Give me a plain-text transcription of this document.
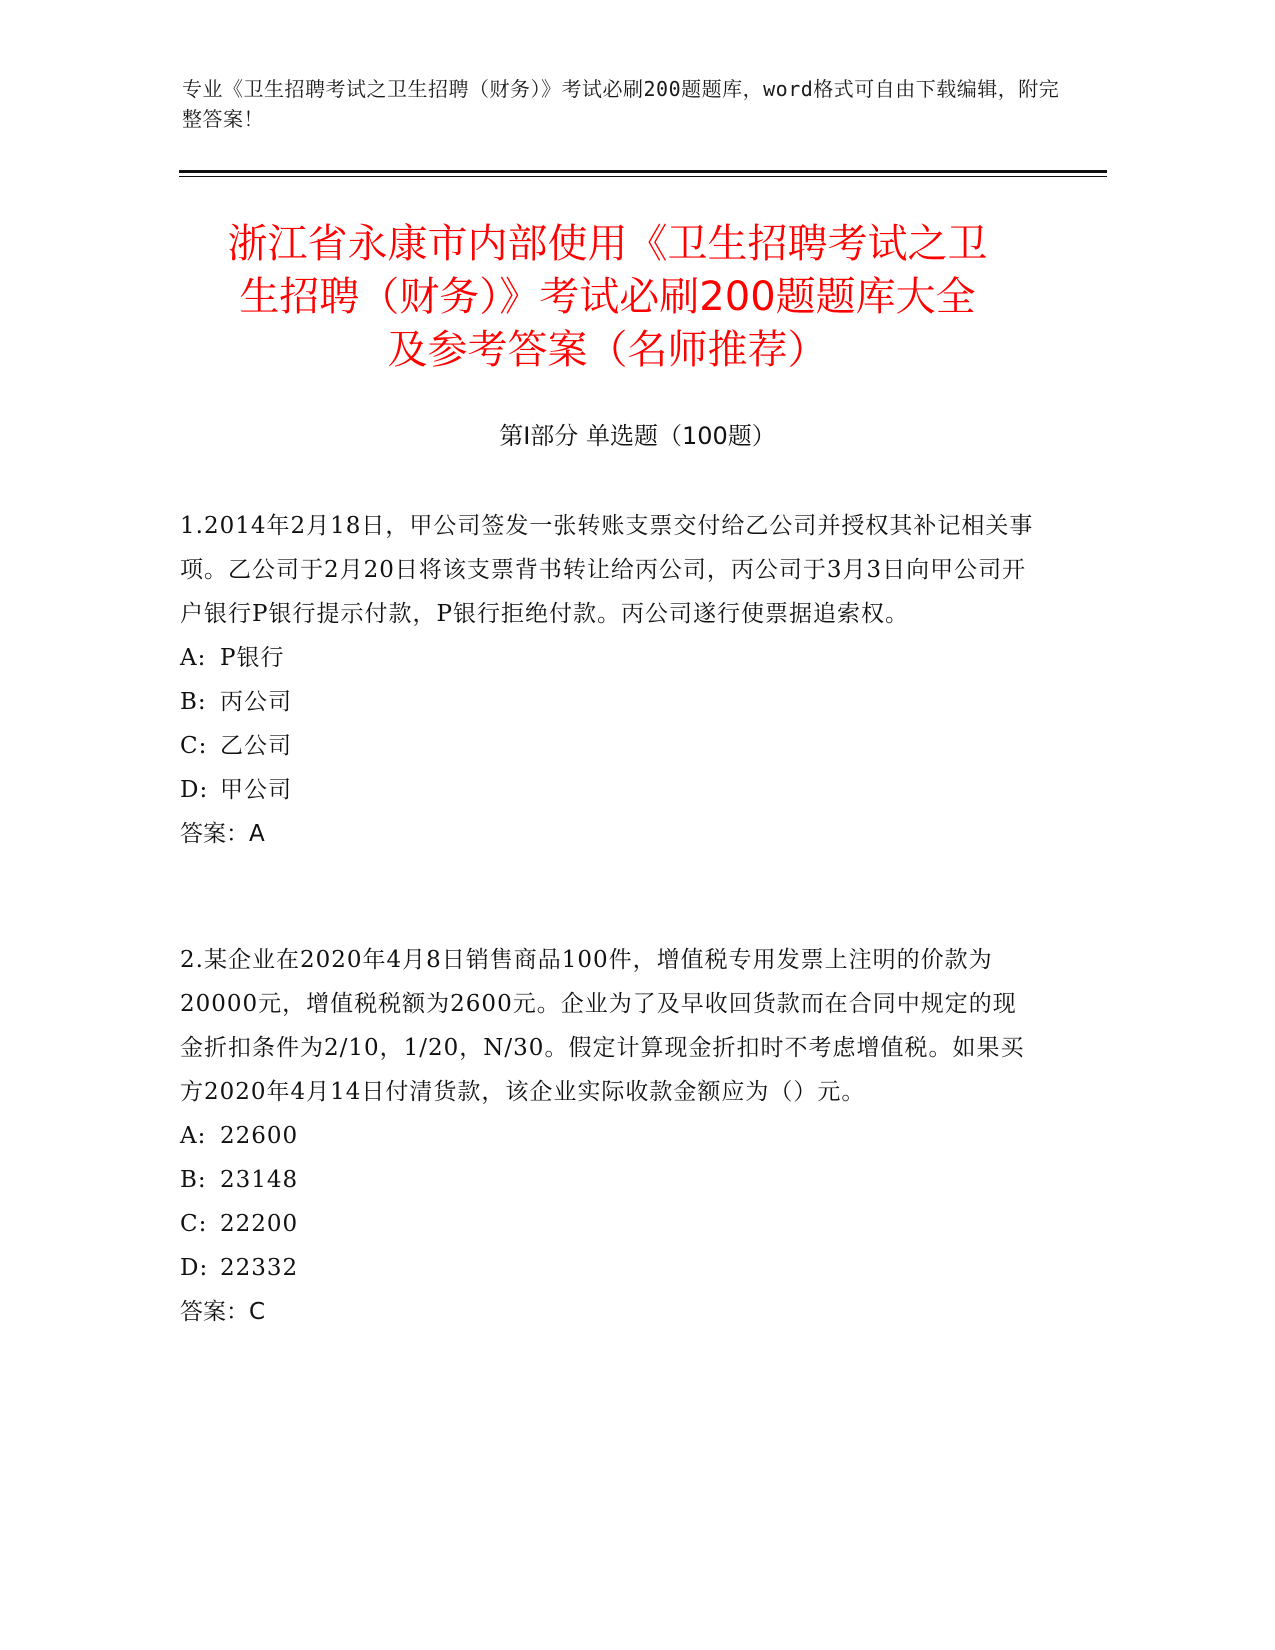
专业《卫生招聘考试之卫生招聘（财务）》考试必刷200题题库，word格式可自由下载编辑，附完整答案！
浙江省永康市内部使用《卫生招聘考试之卫
生招聘（财务）》考试必刷200题题库大全
及参考答案（名师推荐）
第I部分 单选题（100题）

1.2014年2月18日，甲公司签发一张转账支票交付给乙公司并授权其补记相关事项。乙公司于2月20日将该支票背书转让给丙公司，丙公司于3月3日向甲公司开户银行P银行提示付款，P银行拒绝付款。丙公司遂行使票据追索权。

A: P银行

B: 丙公司

C: 乙公司

D: 甲公司

答案：A

2.某企业在2020年4月8日销售商品100件，增值税专用发票上注明的价款为20000元，增值税税额为2600元。企业为了及早收回货款而在合同中规定的现金折扣条件为2/10，1/20，N/30。假定计算现金折扣时不考虑增值税。如果买方2020年4月14日付清货款，该企业实际收款金额应为（）元。

A: 22600

B: 23148

C: 22200

D: 22332

答案：C
